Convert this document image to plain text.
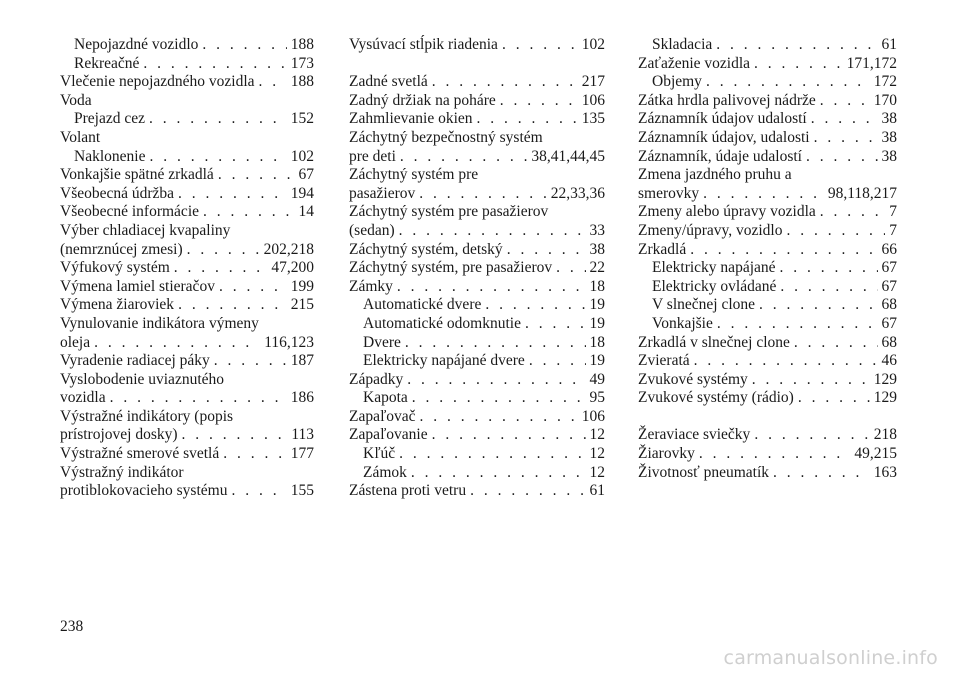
Nepojazdné vozidlo . . .	188
Rekreačné . . .	173
Vlečenie nepojazdného vozidla . . . 188
Voda
Prejazd cez . . .	152
Volant
Naklonenie . . .	102
Vonkajšie spätné zrkadlá . . .	67
Všeobecná údržba . . .	194
Všeobecné informácie . . .	14
Výber chladiacej kvapaliny
(nemrznúcej zmesi) . . .	202,218
Výfukový systém . . .	47,200
Výmena lamiel stieračov . . .	199
Výmena žiaroviek . . .	215
Vynulovanie indikátora výmeny
oleja . . .	116,123
Vyradenie radiacej páky . . .	187
Vyslobodenie uviaznutého
vozidla . . .	186
Výstražné indikátory (popis
prístrojovej dosky) . . .	113
Výstražné smerové svetlá . . .	177
Výstražný indikátor
protiblokovacieho systému . . .	155
Vysúvací stĺpik riadenia . . .	102
Zadné svetlá . . .	217
Zadný držiak na poháre . . .	106
Zahmlievanie okien . . .	135
Záchytný bezpečnostný systém
pre deti . . .	38,41,44,45
Záchytný systém pre
pasažierov . . .	22,33,36
Záchytný systém pre pasažierov
(sedan) . . .	33
Záchytný systém, detský . . .	38
Záchytný systém, pre pasažierov . . . 22
Zámky . . .	18
Automatické dvere . . .	19
Automatické odomknutie . . .	19
Dvere . . .	18
Elektricky napájané dvere . . .	19
Západky . . .	49
Kapota . . .	95
Zapaľovač . . .	106
Zapaľovanie . . .	12
Kľúč . . .	12
Zámok . . .	12
Zástena proti vetru . . .	61
Skladacia . . .	61
Zaťaženie vozidla . . .	171,172
Objemy . . .	172
Zátka hrdla palivovej nádrže . . .	170
Záznamník údajov udalostí . . .	38
Záznamník údajov, udalosti . . .	38
Záznamník, údaje udalostí . . .	38
Zmena jazdného pruhu a
smerovky . . .	98,118,217
Zmeny alebo úpravy vozidla . . .	7
Zmeny/úpravy, vozidlo . . .	7
Zrkadlá . . .	66
Elektricky napájané . . .	67
Elektricky ovládané . . .	67
V slnečnej clone . . .	68
Vonkajšie . . .	67
Zrkadlá v slnečnej clone . . .	68
Zvieratá . . .	46
Zvukové systémy . . .	129
Zvukové systémy (rádio) . . .	129
Žeraviace sviečky . . .	218
Žiarovky . . .	49,215
Životnosť pneumatík . . .	163
238
carmanualsonline.info
